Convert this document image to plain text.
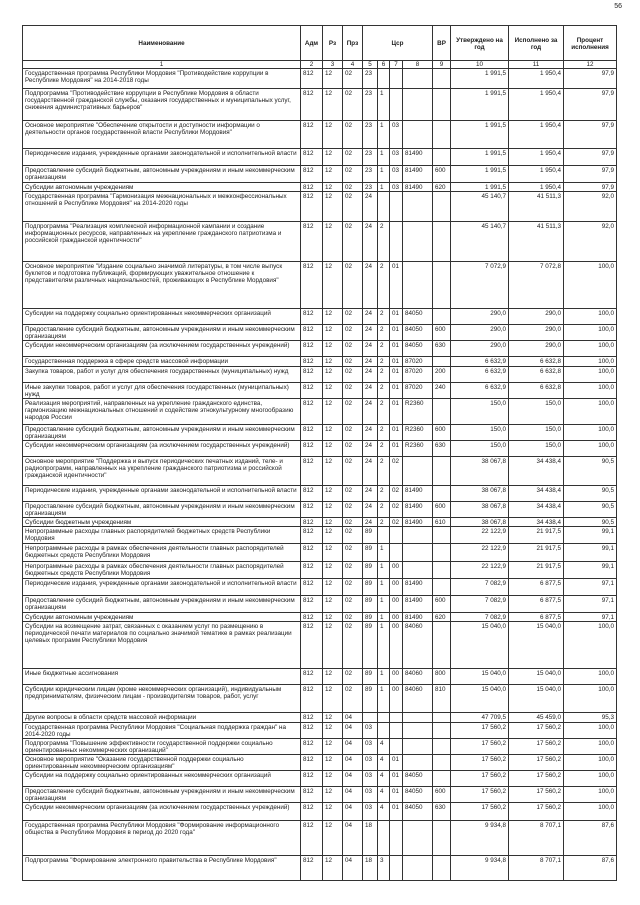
56
Наименование	Адм	Рз	Прз	Цср				ВР	Утверждено на год	Исполнено за год	Процент исполнения
1	2	3	4	5	6	7	8	9	10	11	12
Государственная программа Республики Мордовия "Противодействие коррупции в Республике Мордовия" на 2014-2018 годы	812	12	02	23					1 991,5	1 950,4	97,9
Подпрограмма "Противодействие коррупции в Республике Мордовия в области государственной гражданской службы, оказания государственных и муниципальных услуг, снижения административных барьеров"	812	12	02	23	1				1 991,5	1 950,4	97,9
Основное мероприятие "Обеспечение открытости и доступности информации о деятельности органов государственной власти Республики Мордовия"	812	12	02	23	1	03			1 991,5	1 950,4	97,9
Периодические издания, учрежденные органами законодательной и исполнительной власти	812	12	02	23	1	03	81490		1 991,5	1 950,4	97,9
Предоставление субсидий бюджетным, автономным учреждениям и иным некоммерческим организациям	812	12	02	23	1	03	81490	600	1 991,5	1 950,4	97,9
Субсидии автономным учреждениям	812	12	02	23	1	03	81490	620	1 991,5	1 950,4	97,9
Государственная программа "Гармонизация межнациональных и межконфессиональных отношений в Республике Мордовия" на 2014-2020 годы	812	12	02	24					45 140,7	41 511,3	92,0
Подпрограмма "Реализация комплексной информационной кампании и создание информационных ресурсов, направленных на укрепление гражданского патриотизма и российской гражданской идентичности"	812	12	02	24	2				45 140,7	41 511,3	92,0
Основное мероприятие "Издание социально значимой литературы, в том числе выпуск буклетов и подготовка публикаций, формирующих уважительное отношение к представителям различных национальностей, проживающих в Республике Мордовия"	812	12	02	24	2	01			7 072,9	7 072,8	100,0
Субсидии на поддержку социально ориентированных некоммерческих организаций	812	12	02	24	2	01	84050		290,0	290,0	100,0
Предоставление субсидий бюджетным, автономным учреждениям и иным некоммерческим организациям	812	12	02	24	2	01	84050	600	290,0	290,0	100,0
Субсидии некоммерческим организациям (за исключением государственных учреждений)	812	12	02	24	2	01	84050	630	290,0	290,0	100,0
Государственная поддержка в сфере средств массовой информации	812	12	02	24	2	01	87020		6 632,9	6 632,8	100,0
Закупка товаров, работ и услуг для обеспечения государственных (муниципальных) нужд	812	12	02	24	2	01	87020	200	6 632,9	6 632,8	100,0
Иные закупки товаров, работ и услуг для обеспечения государственных (муниципальных) нужд	812	12	02	24	2	01	87020	240	6 632,9	6 632,8	100,0
Реализация мероприятий, направленных на укрепление гражданского единства, гармонизацию межнациональных отношений и содействие этнокультурному многообразию народов России	812	12	02	24	2	01	R2360		150,0	150,0	100,0
Предоставление субсидий бюджетным, автономным учреждениям и иным некоммерческим организациям	812	12	02	24	2	01	R2360	600	150,0	150,0	100,0
Субсидии некоммерческим организациям (за исключением государственных учреждений)	812	12	02	24	2	01	R2360	630	150,0	150,0	100,0
Основное мероприятие "Поддержка и выпуск периодических печатных изданий, теле- и радиопрограмм, направленных на укрепление гражданского патриотизма и российской гражданской идентичности"	812	12	02	24	2	02			38 067,8	34 438,4	90,5
Периодические издания, учрежденные органами законодательной и исполнительной власти	812	12	02	24	2	02	81490		38 067,8	34 438,4	90,5
Предоставление субсидий бюджетным, автономным учреждениям и иным некоммерческим организациям	812	12	02	24	2	02	81490	600	38 067,8	34 438,4	90,5
Субсидии бюджетным учреждениям	812	12	02	24	2	02	81490	610	38 067,8	34 438,4	90,5
Непрограммные расходы главных распорядителей бюджетных средств Республики Мордовия	812	12	02	89					22 122,9	21 917,5	99,1
Непрограммные расходы в рамках обеспечения деятельности главных распорядителей бюджетных средств Республики Мордовия	812	12	02	89	1				22 122,9	21 917,5	99,1
Непрограммные расходы в рамках обеспечения деятельности главных распорядителей бюджетных средств Республики Мордовия	812	12	02	89	1	00			22 122,9	21 917,5	99,1
Периодические издания, учрежденные органами законодательной и исполнительной власти	812	12	02	89	1	00	81490		7 082,9	6 877,5	97,1
Предоставление субсидий бюджетным, автономным учреждениям и иным некоммерческим организациям	812	12	02	89	1	00	81490	600	7 082,9	6 877,5	97,1
Субсидии автономным учреждениям	812	12	02	89	1	00	81490	620	7 082,9	6 877,5	97,1
Субсидии на возмещение затрат, связанных с оказанием услуг по размещению в периодической печати материалов по социально значимой тематике в рамках реализации целевых программ Республики Мордовия	812	12	02	89	1	00	84060		15 040,0	15 040,0	100,0
Иные бюджетные ассигнования	812	12	02	89	1	00	84060	800	15 040,0	15 040,0	100,0
Субсидии юридическим лицам (кроме некоммерческих организаций), индивидуальным предпринимателям, физическим лицам - производителям товаров, работ, услуг	812	12	02	89	1	00	84060	810	15 040,0	15 040,0	100,0
Другие вопросы в области средств массовой информации	812	12	04						47 709,5	45 459,0	95,3
Государственная программа Республики Мордовия "Социальная поддержка граждан" на 2014-2020 годы	812	12	04	03					17 560,2	17 560,2	100,0
Подпрограмма "Повышение эффективности государственной поддержки социально ориентированных некоммерческих организаций"	812	12	04	03	4				17 560,2	17 560,2	100,0
Основное мероприятие "Оказание государственной поддержки социально ориентированным некоммерческим организациям"	812	12	04	03	4	01			17 560,2	17 560,2	100,0
Субсидии на поддержку социально ориентированных некоммерческих организаций	812	12	04	03	4	01	84050		17 560,2	17 560,2	100,0
Предоставление субсидий бюджетным, автономным учреждениям и иным некоммерческим организациям	812	12	04	03	4	01	84050	600	17 560,2	17 560,2	100,0
Субсидии некоммерческим организациям (за исключением государственных учреждений)	812	12	04	03	4	01	84050	630	17 560,2	17 560,2	100,0
Государственная программа Республики Мордовия "Формирование информационного общества в Республике Мордовия в период до 2020 года"	812	12	04	18					9 934,8	8 707,1	87,6
Подпрограмма "Формирование электронного правительства в Республике Мордовия"	812	12	04	18	3				9 934,8	8 707,1	87,6
